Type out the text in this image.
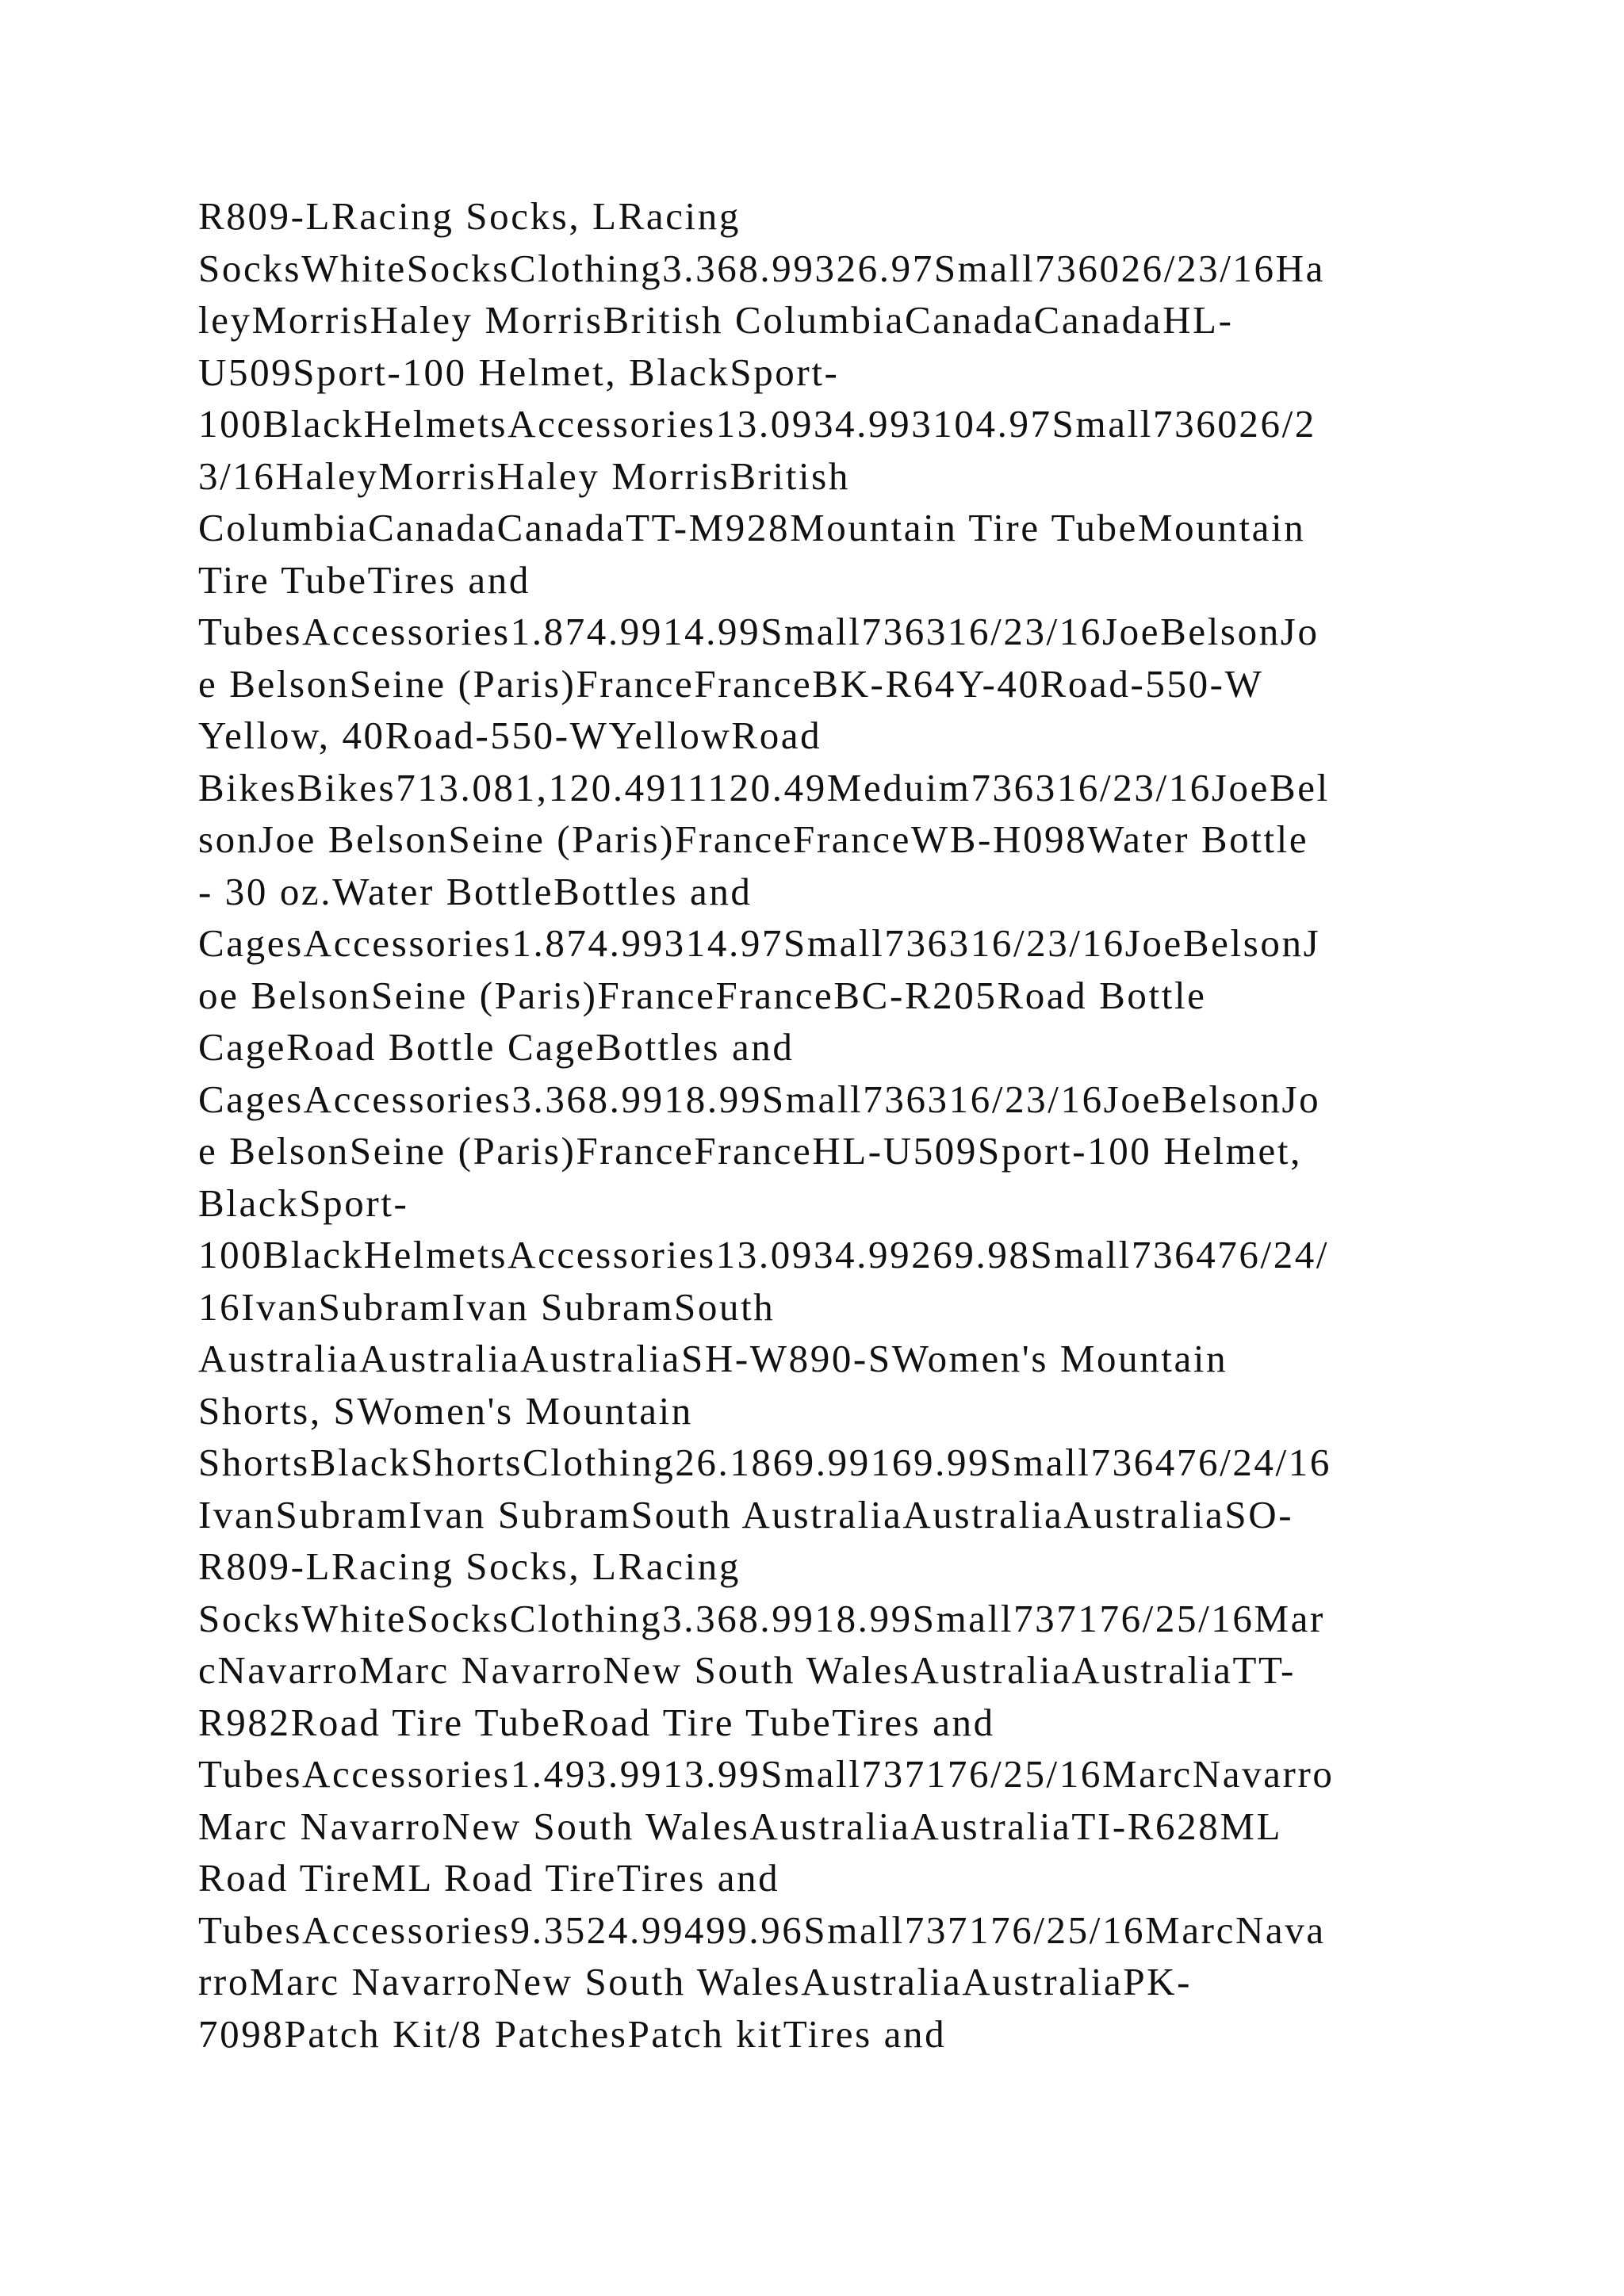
R809-LRacing Socks, LRacing
SocksWhiteSocksClothing3.368.99326.97Small736026/23/16Ha
leyMorrisHaley MorrisBritish ColumbiaCanadaCanadaHL-
U509Sport-100 Helmet, BlackSport-
100BlackHelmetsAccessories13.0934.993104.97Small736026/2
3/16HaleyMorrisHaley MorrisBritish
ColumbiaCanadaCanadaTT-M928Mountain Tire TubeMountain
Tire TubeTires and
TubesAccessories1.874.9914.99Small736316/23/16JoeBelsonJo
e BelsonSeine (Paris)FranceFranceBK-R64Y-40Road-550-W
Yellow, 40Road-550-WYellowRoad
BikesBikes713.081,120.4911120.49Meduim736316/23/16JoeBel
sonJoe BelsonSeine (Paris)FranceFranceWB-H098Water Bottle
- 30 oz.Water BottleBottles and
CagesAccessories1.874.99314.97Small736316/23/16JoeBelsonJ
oe BelsonSeine (Paris)FranceFranceBC-R205Road Bottle
CageRoad Bottle CageBottles and
CagesAccessories3.368.9918.99Small736316/23/16JoeBelsonJo
e BelsonSeine (Paris)FranceFranceHL-U509Sport-100 Helmet,
BlackSport-
100BlackHelmetsAccessories13.0934.99269.98Small736476/24/
16IvanSubramIvan SubramSouth
AustraliaAustraliaAustraliaSH-W890-SWomen's Mountain
Shorts, SWomen's Mountain
ShortsBlackShortsClothing26.1869.99169.99Small736476/24/16
IvanSubramIvan SubramSouth AustraliaAustraliaAustraliaSO-
R809-LRacing Socks, LRacing
SocksWhiteSocksClothing3.368.9918.99Small737176/25/16Mar
cNavarroMarc NavarroNew South WalesAustraliaAustraliaTT-
R982Road Tire TubeRoad Tire TubeTires and
TubesAccessories1.493.9913.99Small737176/25/16MarcNavarro
Marc NavarroNew South WalesAustraliaAustraliaTI-R628ML
Road TireML Road TireTires and
TubesAccessories9.3524.99499.96Small737176/25/16MarcNava
rroMarc NavarroNew South WalesAustraliaAustraliaPK-
7098Patch Kit/8 PatchesPatch kitTires and
